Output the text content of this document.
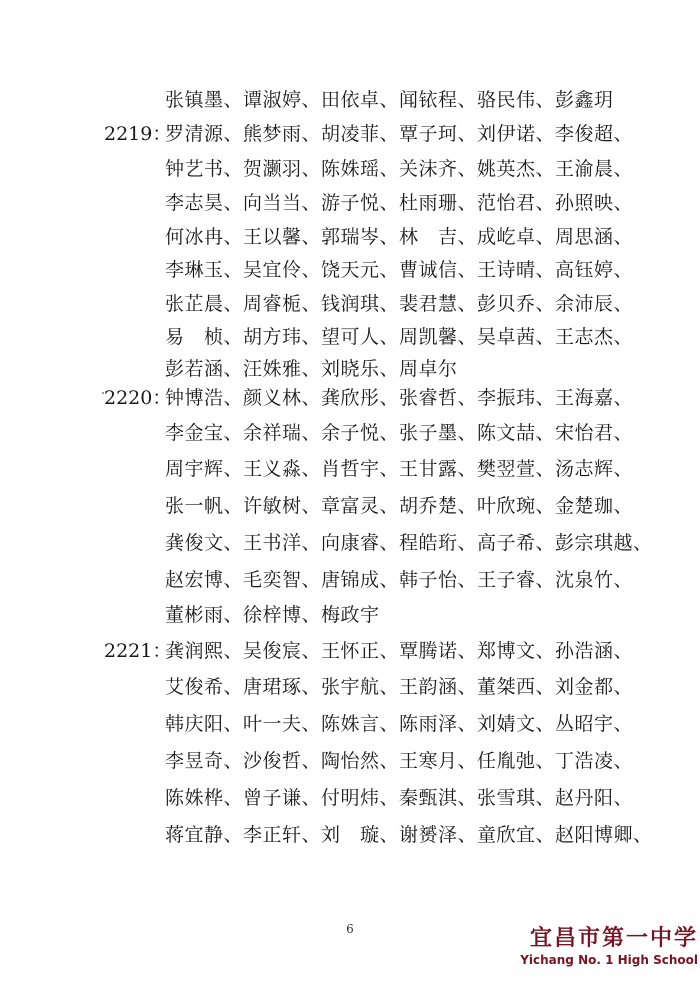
张镇墨、谭淑婷、田依卓、闻铱程、骆民伟、彭鑫玥
2219：
罗清源、熊梦雨、胡凌菲、覃子珂、刘伊诺、李俊超、
钟艺书、贺灏羽、陈姝瑶、关沫齐、姚英杰、王渝晨、
李志昊、向当当、游子悦、杜雨珊、范怡君、孙照映、
何冰冉、王以馨、郭瑞岑、林　吉、成屹卓、周思涵、
李琳玉、吴宜伶、饶天元、曹诚信、王诗晴、高钰婷、
张芷晨、周睿栀、钱润琪、裴君慧、彭贝乔、余沛辰、
易　桢、胡方玮、望可人、周凯馨、吴卓茜、王志杰、
彭若涵、汪姝雅、刘晓乐、周卓尔
2220：
钟博浩、颜义林、龚欣彤、张睿哲、李振玮、王海嘉、
李金宝、余祥瑞、余子悦、张子墨、陈文喆、宋怡君、
周宇辉、王义淼、肖哲宇、王甘露、樊翌萱、汤志辉、
张一帆、许敏树、章富灵、胡乔楚、叶欣琬、金楚珈、
龚俊文、王书洋、向康睿、程皓珩、高子希、彭宗琪越、
赵宏博、毛奕智、唐锦成、韩子怡、王子睿、沈泉竹、
董彬雨、徐梓博、梅政宇
2221：
龚润熙、吴俊宸、王怀正、覃腾诺、郑博文、孙浩涵、
艾俊希、唐珺琢、张宇航、王韵涵、董桀西、刘金都、
韩庆阳、叶一夫、陈姝言、陈雨泽、刘婧文、丛昭宇、
李昱奇、沙俊哲、陶怡然、王寒月、任胤弛、丁浩凌、
陈姝桦、曾子谦、付明炜、秦甄淇、张雪琪、赵丹阳、
蒋宜静、李正轩、刘　璇、谢赟泽、童欣宜、赵阳博卿、
6	宜昌市第一中学
Yichang No. 1 High School
